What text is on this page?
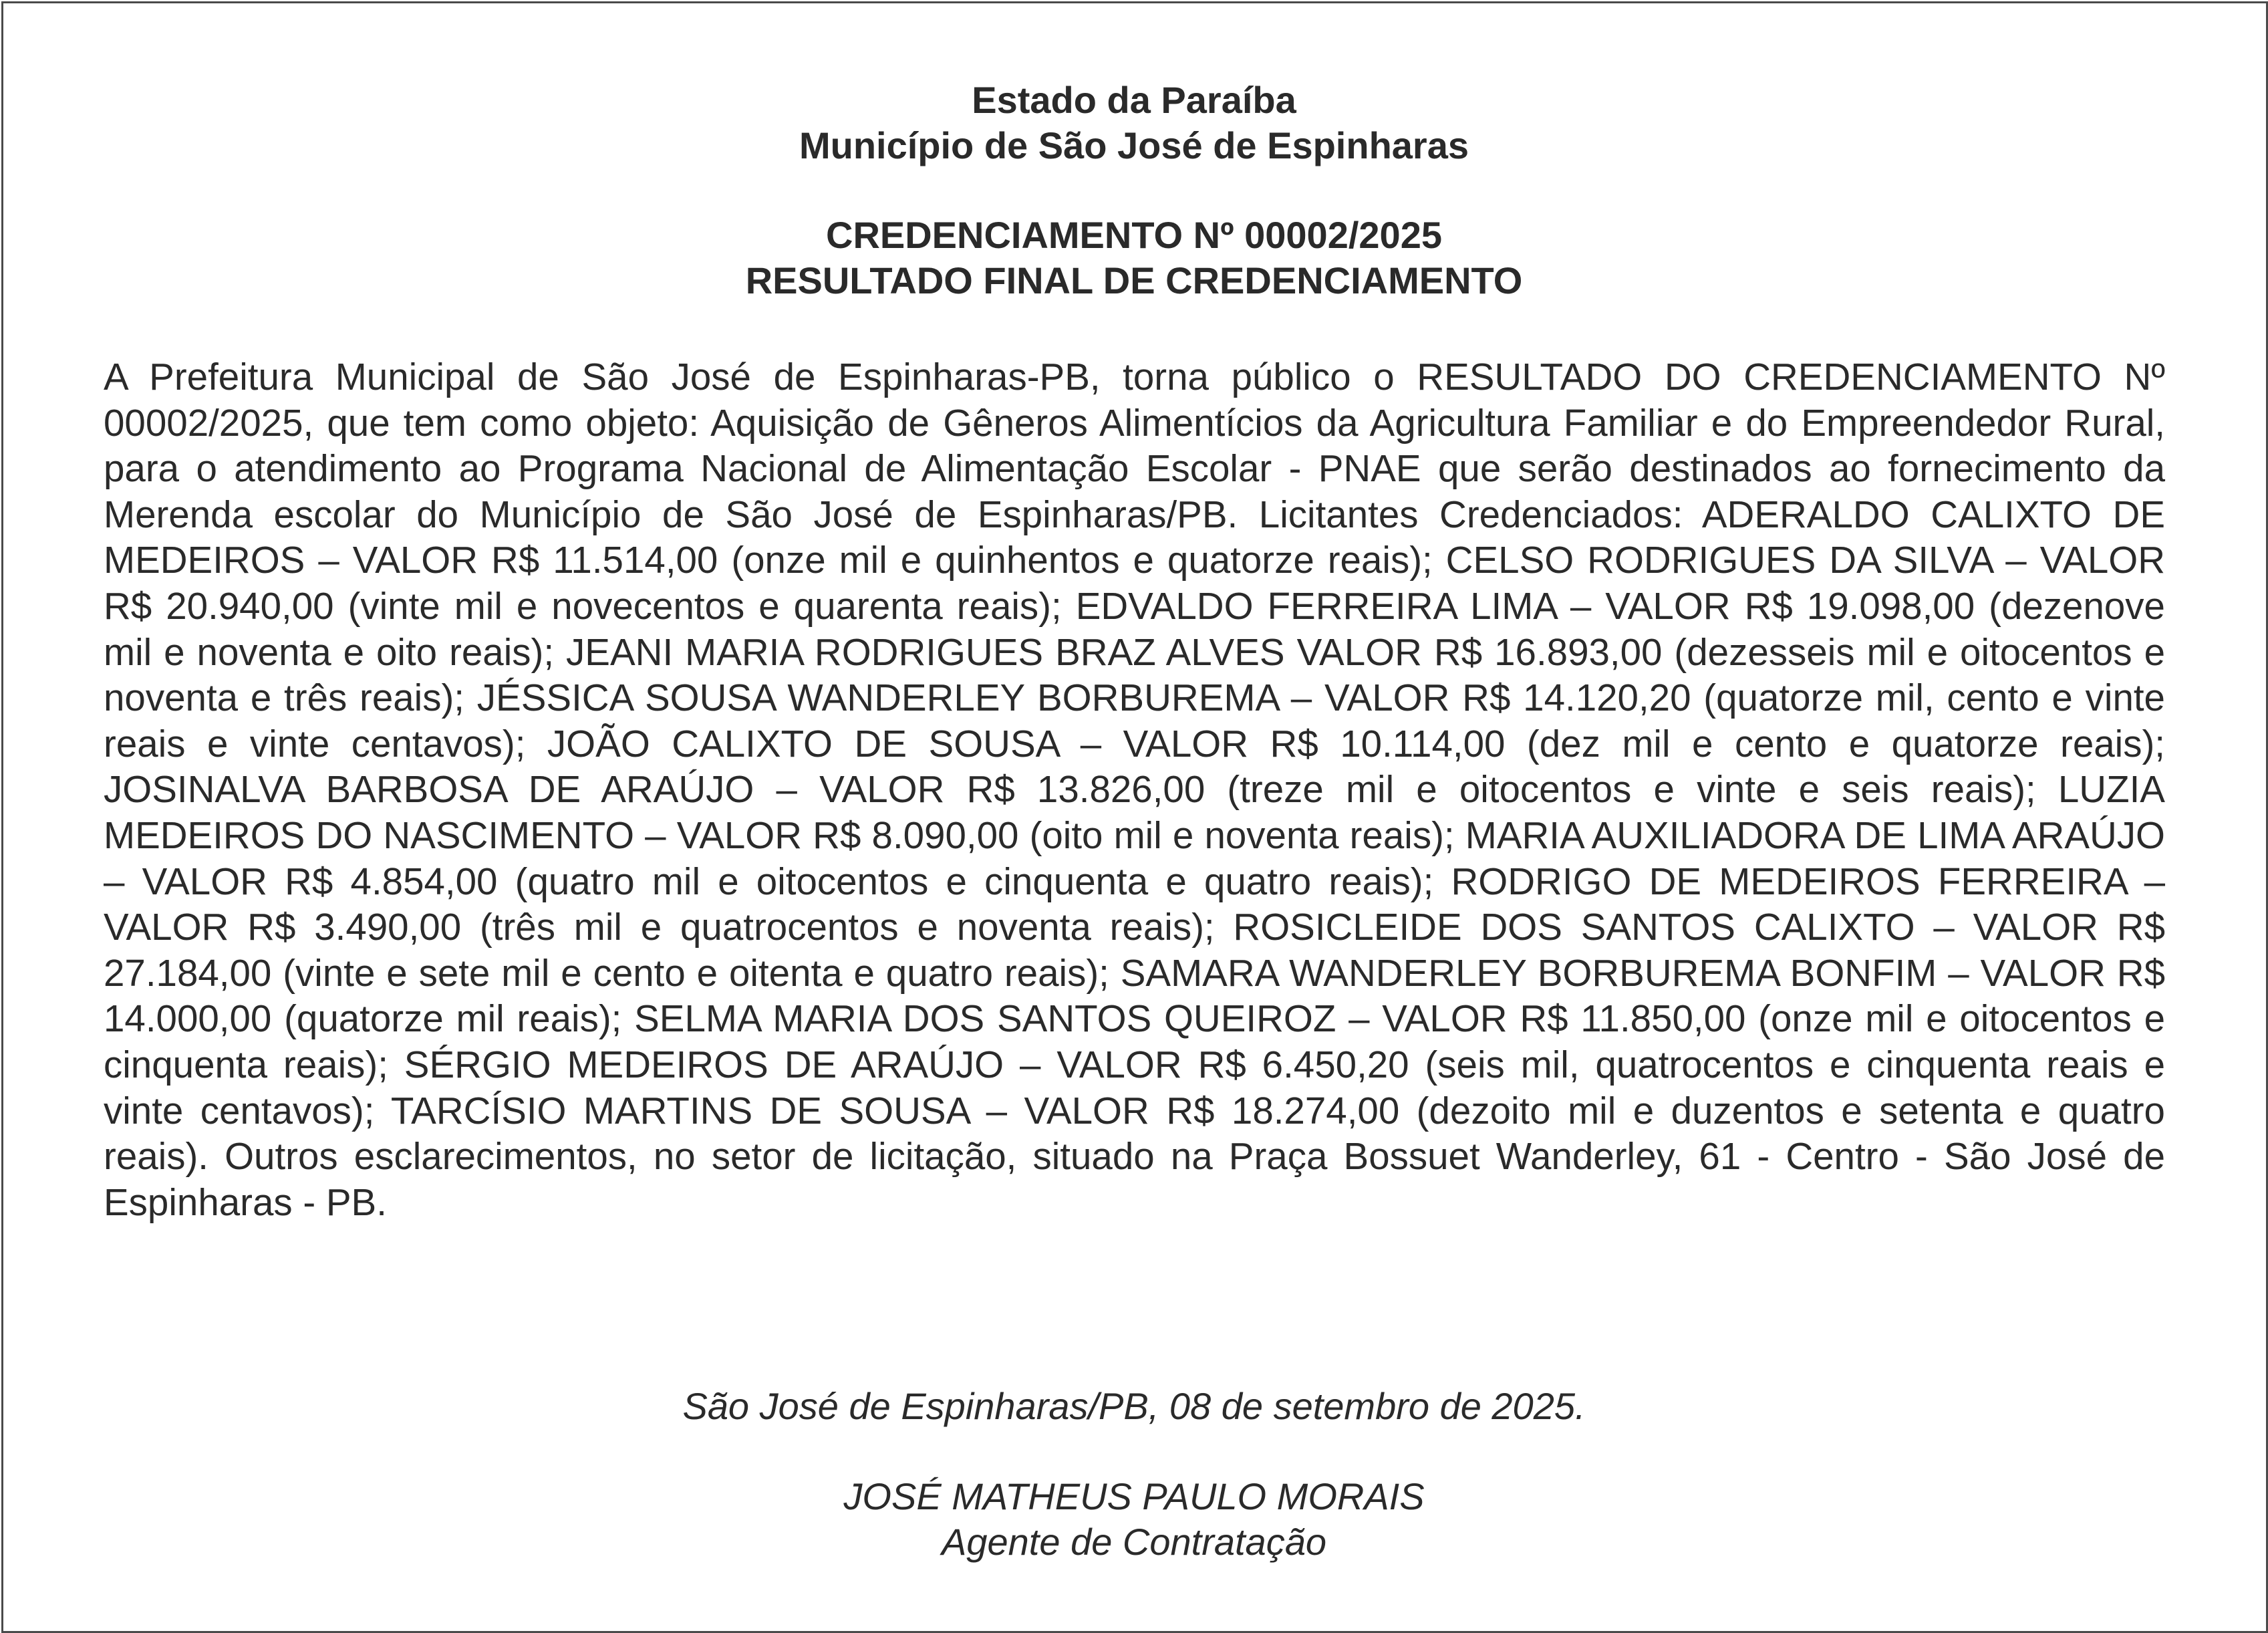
Estado da Paraíba
Município de São José de Espinharas
CREDENCIAMENTO Nº 00002/2025
RESULTADO FINAL DE CREDENCIAMENTO

A Prefeitura Municipal de São José de Espinharas-PB, torna público o RESULTADO DO CREDENCIAMENTO Nº 00002/2025, que tem como objeto: Aquisição de Gêneros Alimentícios da Agricultura Familiar e do Empreendedor Rural, para o atendimento ao Programa Nacional de Alimentação Escolar - PNAE que serão destinados ao fornecimento da Merenda escolar do Município de São José de Espinharas/PB. Licitantes Credenciados: ADERALDO CALIXTO DE MEDEIROS – VALOR R$ 11.514,00 (onze mil e quinhentos e quatorze reais); CELSO RODRIGUES DA SILVA – VALOR R$ 20.940,00 (vinte mil e novecentos e quarenta reais); EDVALDO FERREIRA LIMA – VALOR R$ 19.098,00 (dezenove mil e noventa e oito reais); JEANI MARIA RODRIGUES BRAZ ALVES VALOR R$ 16.893,00 (dezesseis mil e oitocentos e noventa e três reais); JÉSSICA SOUSA WANDERLEY BORBUREMA – VALOR R$ 14.120,20 (quatorze mil, cento e vinte reais e vinte centavos); JOÃO CALIXTO DE SOUSA – VALOR R$ 10.114,00 (dez mil e cento e quatorze reais); JOSINALVA BARBOSA DE ARAÚJO – VALOR R$ 13.826,00 (treze mil e oitocentos e vinte e seis reais); LUZIA MEDEIROS DO NASCIMENTO – VALOR R$ 8.090,00 (oito mil e noventa reais); MARIA AUXILIADORA DE LIMA ARAÚJO – VALOR R$ 4.854,00 (quatro mil e oitocentos e cinquenta e quatro reais); RODRIGO DE MEDEIROS FERREIRA – VALOR R$ 3.490,00 (três mil e quatrocentos e noventa reais); ROSICLEIDE DOS SANTOS CALIXTO – VALOR R$ 27.184,00 (vinte e sete mil e cento e oitenta e quatro reais); SAMARA WANDERLEY BORBUREMA BONFIM – VALOR R$ 14.000,00 (quatorze mil reais); SELMA MARIA DOS SANTOS QUEIROZ – VALOR R$ 11.850,00 (onze mil e oitocentos e cinquenta reais); SÉRGIO MEDEIROS DE ARAÚJO – VALOR R$ 6.450,20 (seis mil, quatrocentos e cinquenta reais e vinte centavos); TARCÍSIO MARTINS DE SOUSA – VALOR R$ 18.274,00 (dezoito mil e duzentos e setenta e quatro reais). Outros esclarecimentos, no setor de licitação, situado na Praça Bossuet Wanderley, 61 - Centro - São José de Espinharas - PB.

São José de Espinharas/PB, 08 de setembro de 2025.
JOSÉ MATHEUS PAULO MORAIS
Agente de Contratação
